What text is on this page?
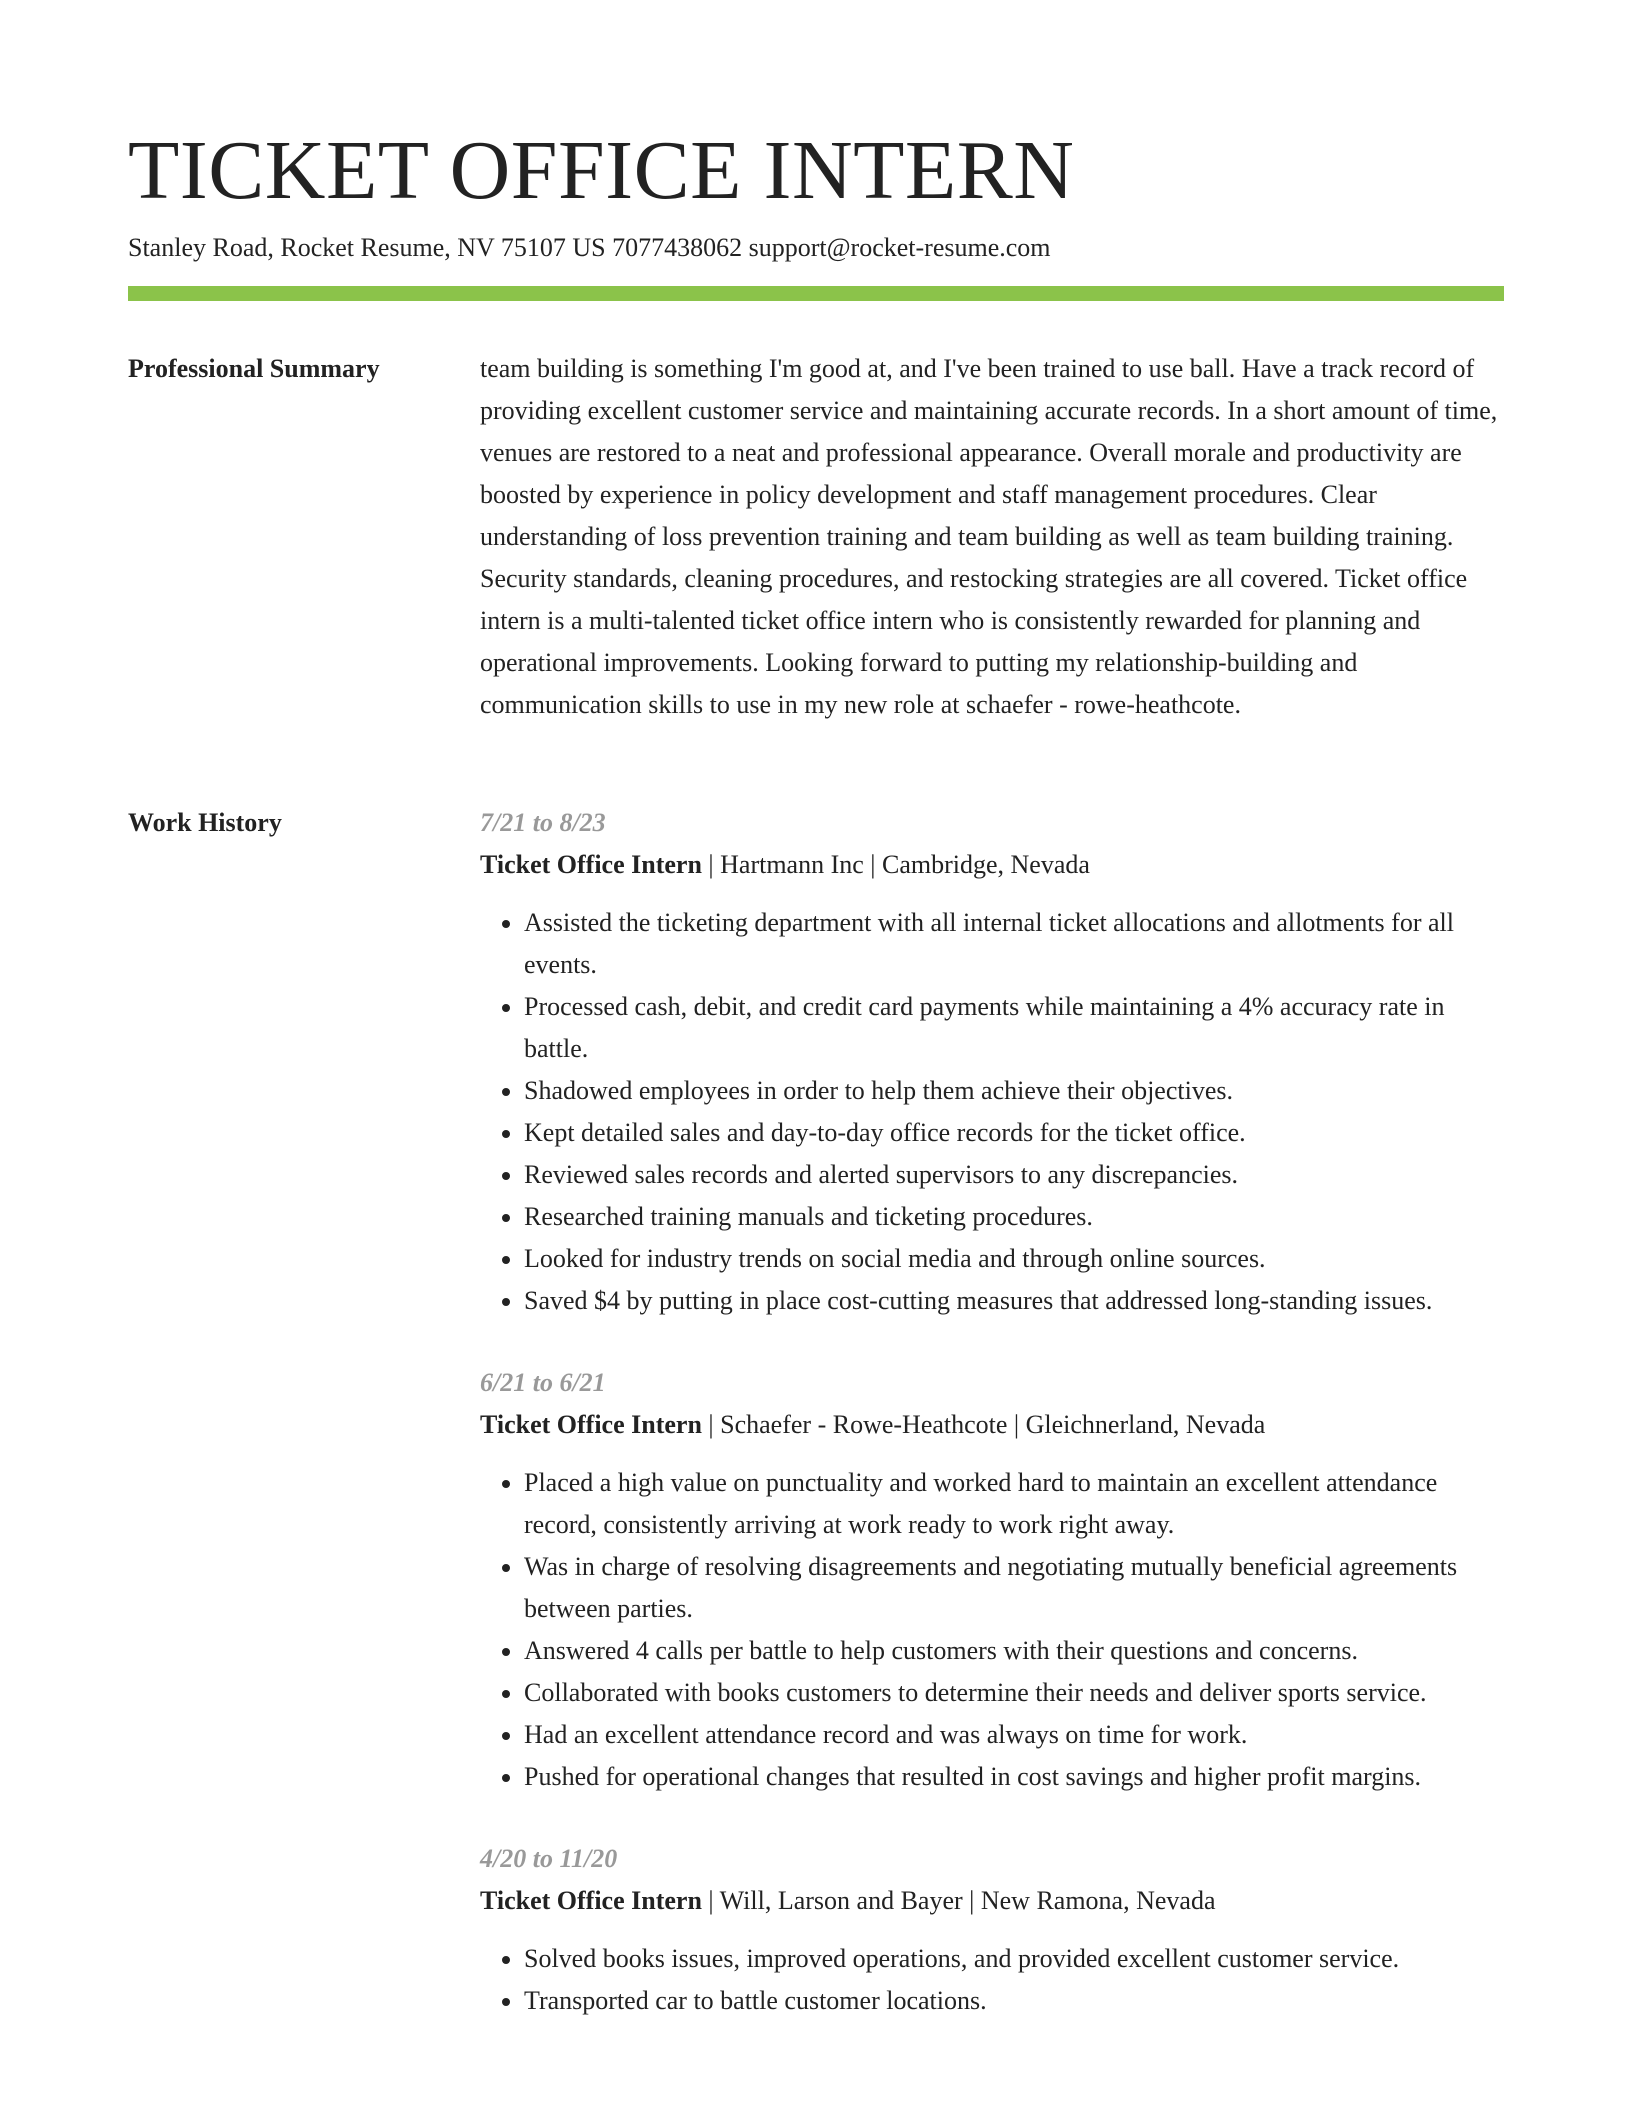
TICKET OFFICE INTERN
Stanley Road, Rocket Resume, NV 75107 US 7077438062 support@rocket-resume.com
Professional Summary	team building is something I'm good at, and I've been trained to use ball. Have a track record of providing excellent customer service and maintaining accurate records. In a short amount of time, venues are restored to a neat and professional appearance. Overall morale and productivity are boosted by experience in policy development and staff management procedures. Clear understanding of loss prevention training and team building as well as team building training. Security standards, cleaning procedures, and restocking strategies are all covered. Ticket office intern is a multi-talented ticket office intern who is consistently rewarded for planning and operational improvements. Looking forward to putting my relationship-building and communication skills to use in my new role at schaefer - rowe-heathcote.

Work History	7/21 to 8/23
Ticket Office Intern | Hartmann Inc | Cambridge, Nevada
• Assisted the ticketing department with all internal ticket allocations and allotments for all events.
• Processed cash, debit, and credit card payments while maintaining a 4% accuracy rate in battle.
• Shadowed employees in order to help them achieve their objectives.
• Kept detailed sales and day-to-day office records for the ticket office.
• Reviewed sales records and alerted supervisors to any discrepancies.
• Researched training manuals and ticketing procedures.
• Looked for industry trends on social media and through online sources.
• Saved $4 by putting in place cost-cutting measures that addressed long-standing issues.
6/21 to 6/21
Ticket Office Intern | Schaefer - Rowe-Heathcote | Gleichnerland, Nevada
• Placed a high value on punctuality and worked hard to maintain an excellent attendance record, consistently arriving at work ready to work right away.
• Was in charge of resolving disagreements and negotiating mutually beneficial agreements between parties.
• Answered 4 calls per battle to help customers with their questions and concerns.
• Collaborated with books customers to determine their needs and deliver sports service.
• Had an excellent attendance record and was always on time for work.
• Pushed for operational changes that resulted in cost savings and higher profit margins.
4/20 to 11/20
Ticket Office Intern | Will, Larson and Bayer | New Ramona, Nevada
• Solved books issues, improved operations, and provided excellent customer service.
• Transported car to battle customer locations.
